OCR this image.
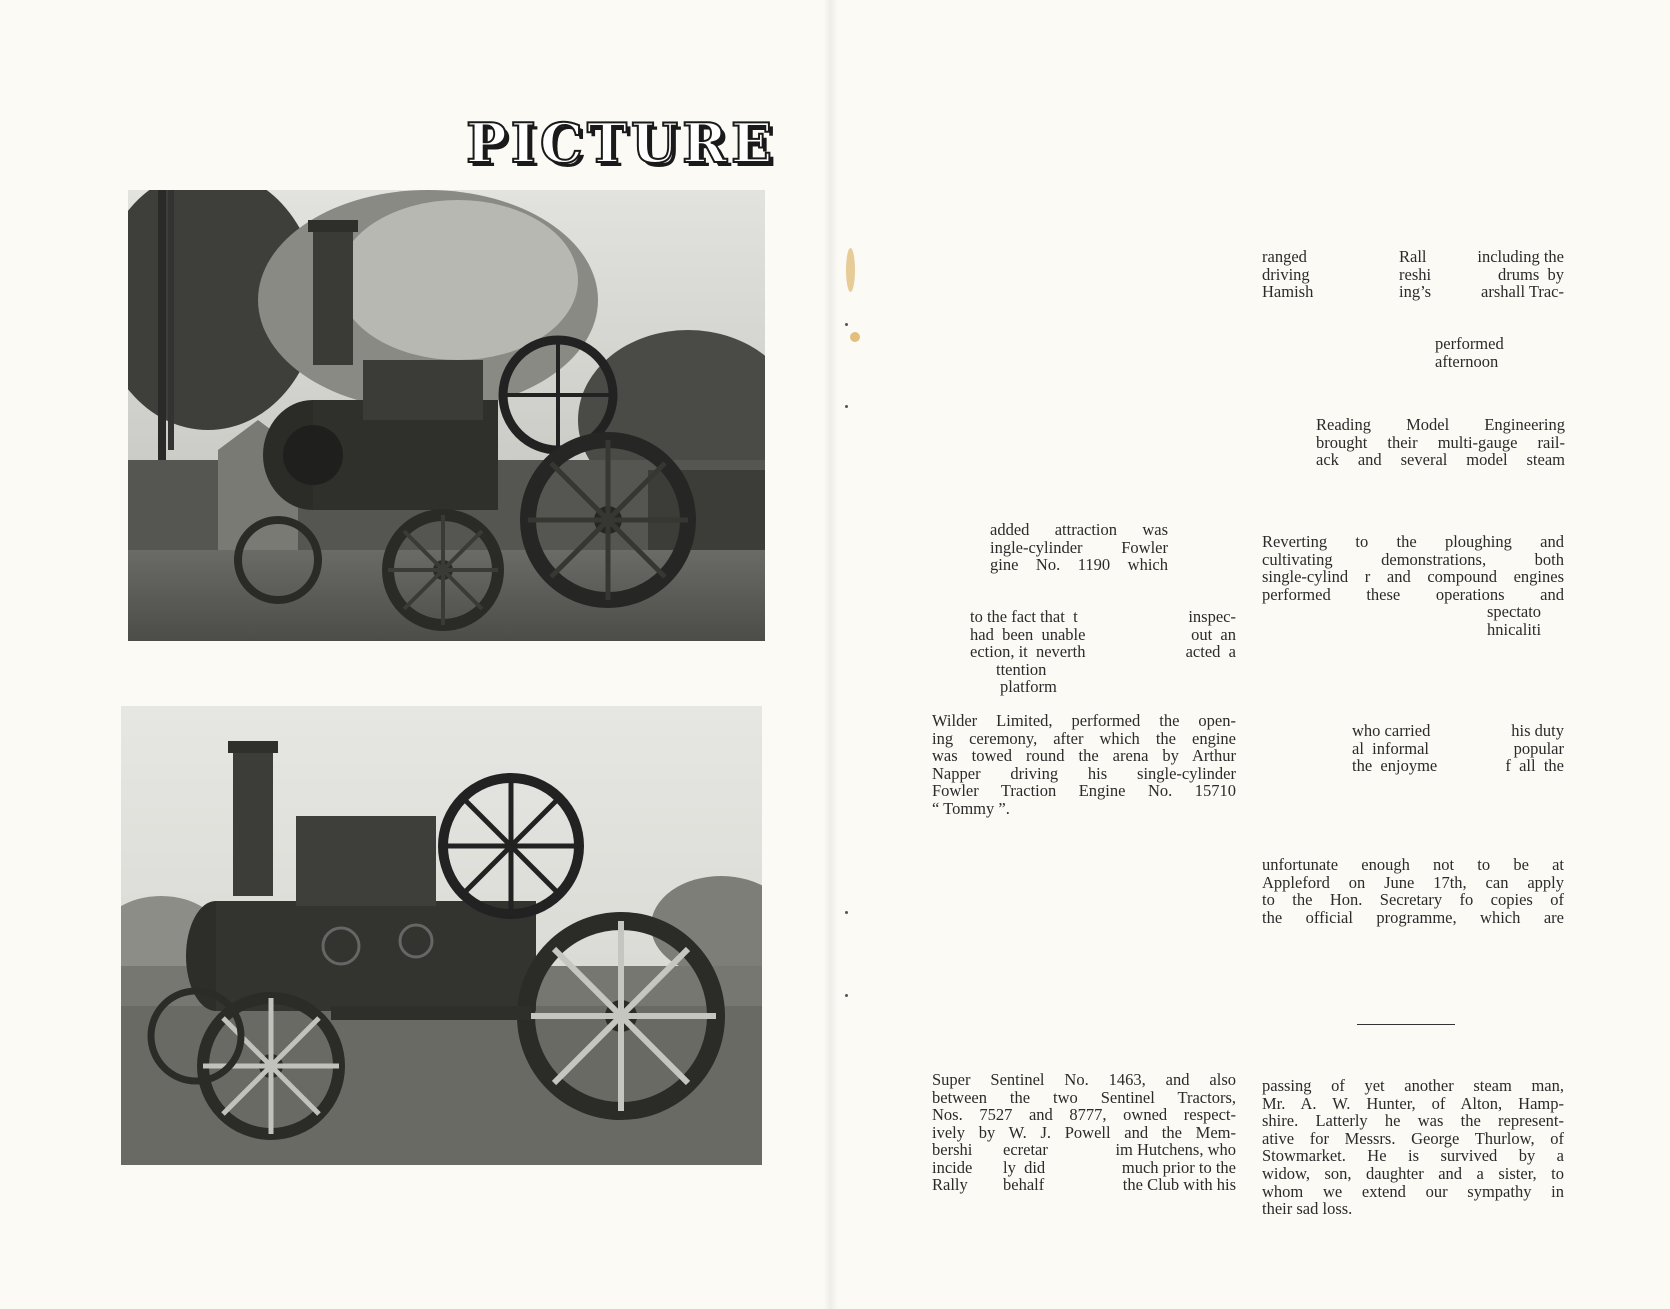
PICTURE
ranged
driving
Hamish
Rall
reshi
ing’s
including the
drums  by
arshall Trac-
performed
afternoon
Reading Model Engineering
brought their multi-gauge rail-
ack and several model steam
Reverting to the ploughing and
cultivating demonstrations, both
single-cylind r and compound engines
performed these operations and
spectato
hnicaliti
who carried
al  informal
the  enjoyme
his duty
popular
f  all  the
unfortunate enough not to be at
Appleford on June 17th, can apply
to the Hon. Secretary fo copies of
the official programme, which are
passing of yet another steam man,
Mr. A. W. Hunter, of Alton, Hamp-
shire. Latterly he was the represent-
ative for Messrs. George Thurlow, of
Stowmarket. He is survived by a
widow, son, daughter and a sister, to
whom we extend our sympathy in
their sad loss.
added attraction was
ingle-cylinder Fowler
gine No. 1190 which
to the fact that  t
had  been  unable
ection, it  neverth
ttention
platform
inspec-
out  an
acted  a
Wilder Limited, performed the open-
ing ceremony, after which the engine
was towed round the arena by Arthur
Napper driving his single-cylinder
Fowler Traction Engine No. 15710
“ Tommy ”.
Super Sentinel No. 1463, and also
between the two Sentinel Tractors,
Nos. 7527 and 8777, owned respect-
ively by W. J. Powell and the Mem-
bershi
incide
Rally
ecretar
ly  did
behalf
im Hutchens, who
much prior to the
the Club with his
